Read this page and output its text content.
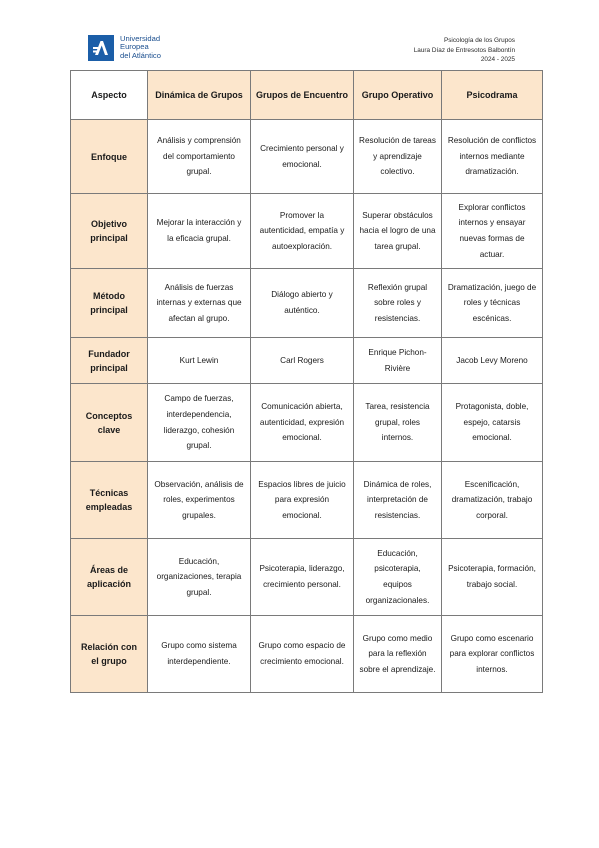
Universidad
Europea
del Atlántico
Psicología de los Grupos
Laura Díaz de Entresotos Balbontín
2024 - 2025
Aspecto	Dinámica de Grupos	Grupos de Encuentro	Grupo Operativo	Psicodrama
Enfoque	Análisis y comprensión del comportamiento grupal.	Crecimiento personal y emocional.	Resolución de tareas y aprendizaje colectivo.	Resolución de conflictos internos mediante dramatización.
Objetivo principal	Mejorar la interacción y la eficacia grupal.	Promover la autenticidad, empatía y autoexploración.	Superar obstáculos hacia el logro de una tarea grupal.	Explorar conflictos internos y ensayar nuevas formas de actuar.
Método principal	Análisis de fuerzas internas y externas que afectan al grupo.	Diálogo abierto y auténtico.	Reflexión grupal sobre roles y resistencias.	Dramatización, juego de roles y técnicas escénicas.
Fundador principal	Kurt Lewin	Carl Rogers	Enrique Pichon-Rivière	Jacob Levy Moreno
Conceptos clave	Campo de fuerzas, interdependencia, liderazgo, cohesión grupal.	Comunicación abierta, autenticidad, expresión emocional.	Tarea, resistencia grupal, roles internos.	Protagonista, doble, espejo, catarsis emocional.
Técnicas empleadas	Observación, análisis de roles, experimentos grupales.	Espacios libres de juicio para expresión emocional.	Dinámica de roles, interpretación de resistencias.	Escenificación, dramatización, trabajo corporal.
Áreas de aplicación	Educación, organizaciones, terapia grupal.	Psicoterapia, liderazgo, crecimiento personal.	Educación, psicoterapia, equipos organizacionales.	Psicoterapia, formación, trabajo social.
Relación con el grupo	Grupo como sistema interdependiente.	Grupo como espacio de crecimiento emocional.	Grupo como medio para la reflexión sobre el aprendizaje.	Grupo como escenario para explorar conflictos internos.
